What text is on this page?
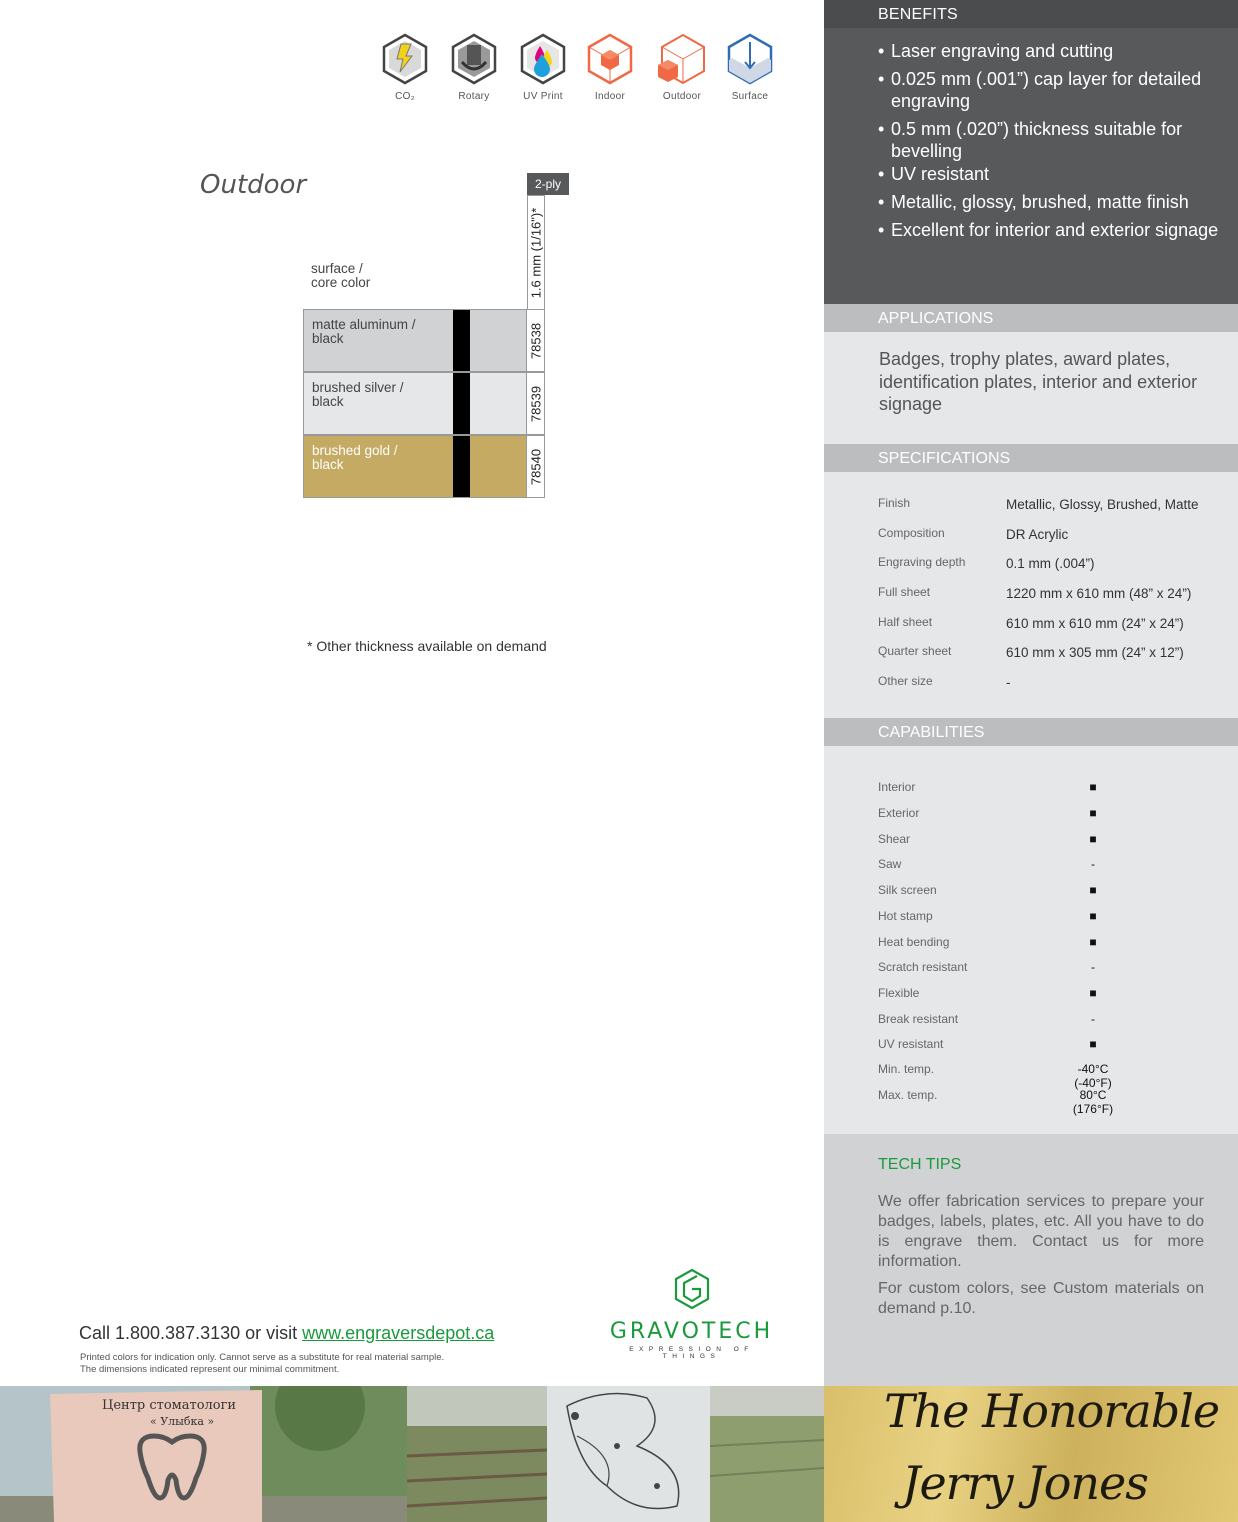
CO₂	Rotary	UV Print	Indoor	Outdoor	Surface
Outdoor	2-ply
1.6 mm (1/16")*
surface /
core color
matte aluminum /
black	78538
brushed silver /
black	78539
brushed gold /
black	78540
* Other thickness available on demand
Call 1.800.387.3130 or visit www.engraversdepot.ca
Printed colors for indication only. Cannot serve as a substitute for real material sample.
The dimensions indicated represent our minimal commitment.
GRAVOTECH
EXPRESSION OF THINGS
BENEFITS
• Laser engraving and cutting
• 0.025 mm (.001”) cap layer for detailed engraving
• 0.5 mm (.020”) thickness suitable for bevelling
• UV resistant
• Metallic, glossy, brushed, matte finish
• Excellent for interior and exterior signage
APPLICATIONS
Badges, trophy plates, award plates, identification plates, interior and exterior signage
SPECIFICATIONS
Finish	Metallic, Glossy, Brushed, Matte
Composition	DR Acrylic
Engraving depth	0.1 mm (.004”)
Full sheet	1220 mm x 610 mm (48” x 24”)
Half sheet	610 mm x 610 mm (24” x 24”)
Quarter sheet	610 mm x 305 mm (24” x 12”)
Other size	-
CAPABILITIES
Interior	■
Exterior	■
Shear	■
Saw	-
Silk screen	■
Hot stamp	■
Heat bending	■
Scratch resistant	-
Flexible	■
Break resistant	-
UV resistant	■
Min. temp.	-40°C (-40°F)
Max. temp.	80°C (176°F)
TECH TIPS
We offer fabrication services to prepare your badges, labels, plates, etc. All you have to do is engrave them. Contact us for more information.
For custom colors, see Custom materials on demand p.10.
Центр стоматологи
« Улыбка »	The Honorable
Jerry Jones
